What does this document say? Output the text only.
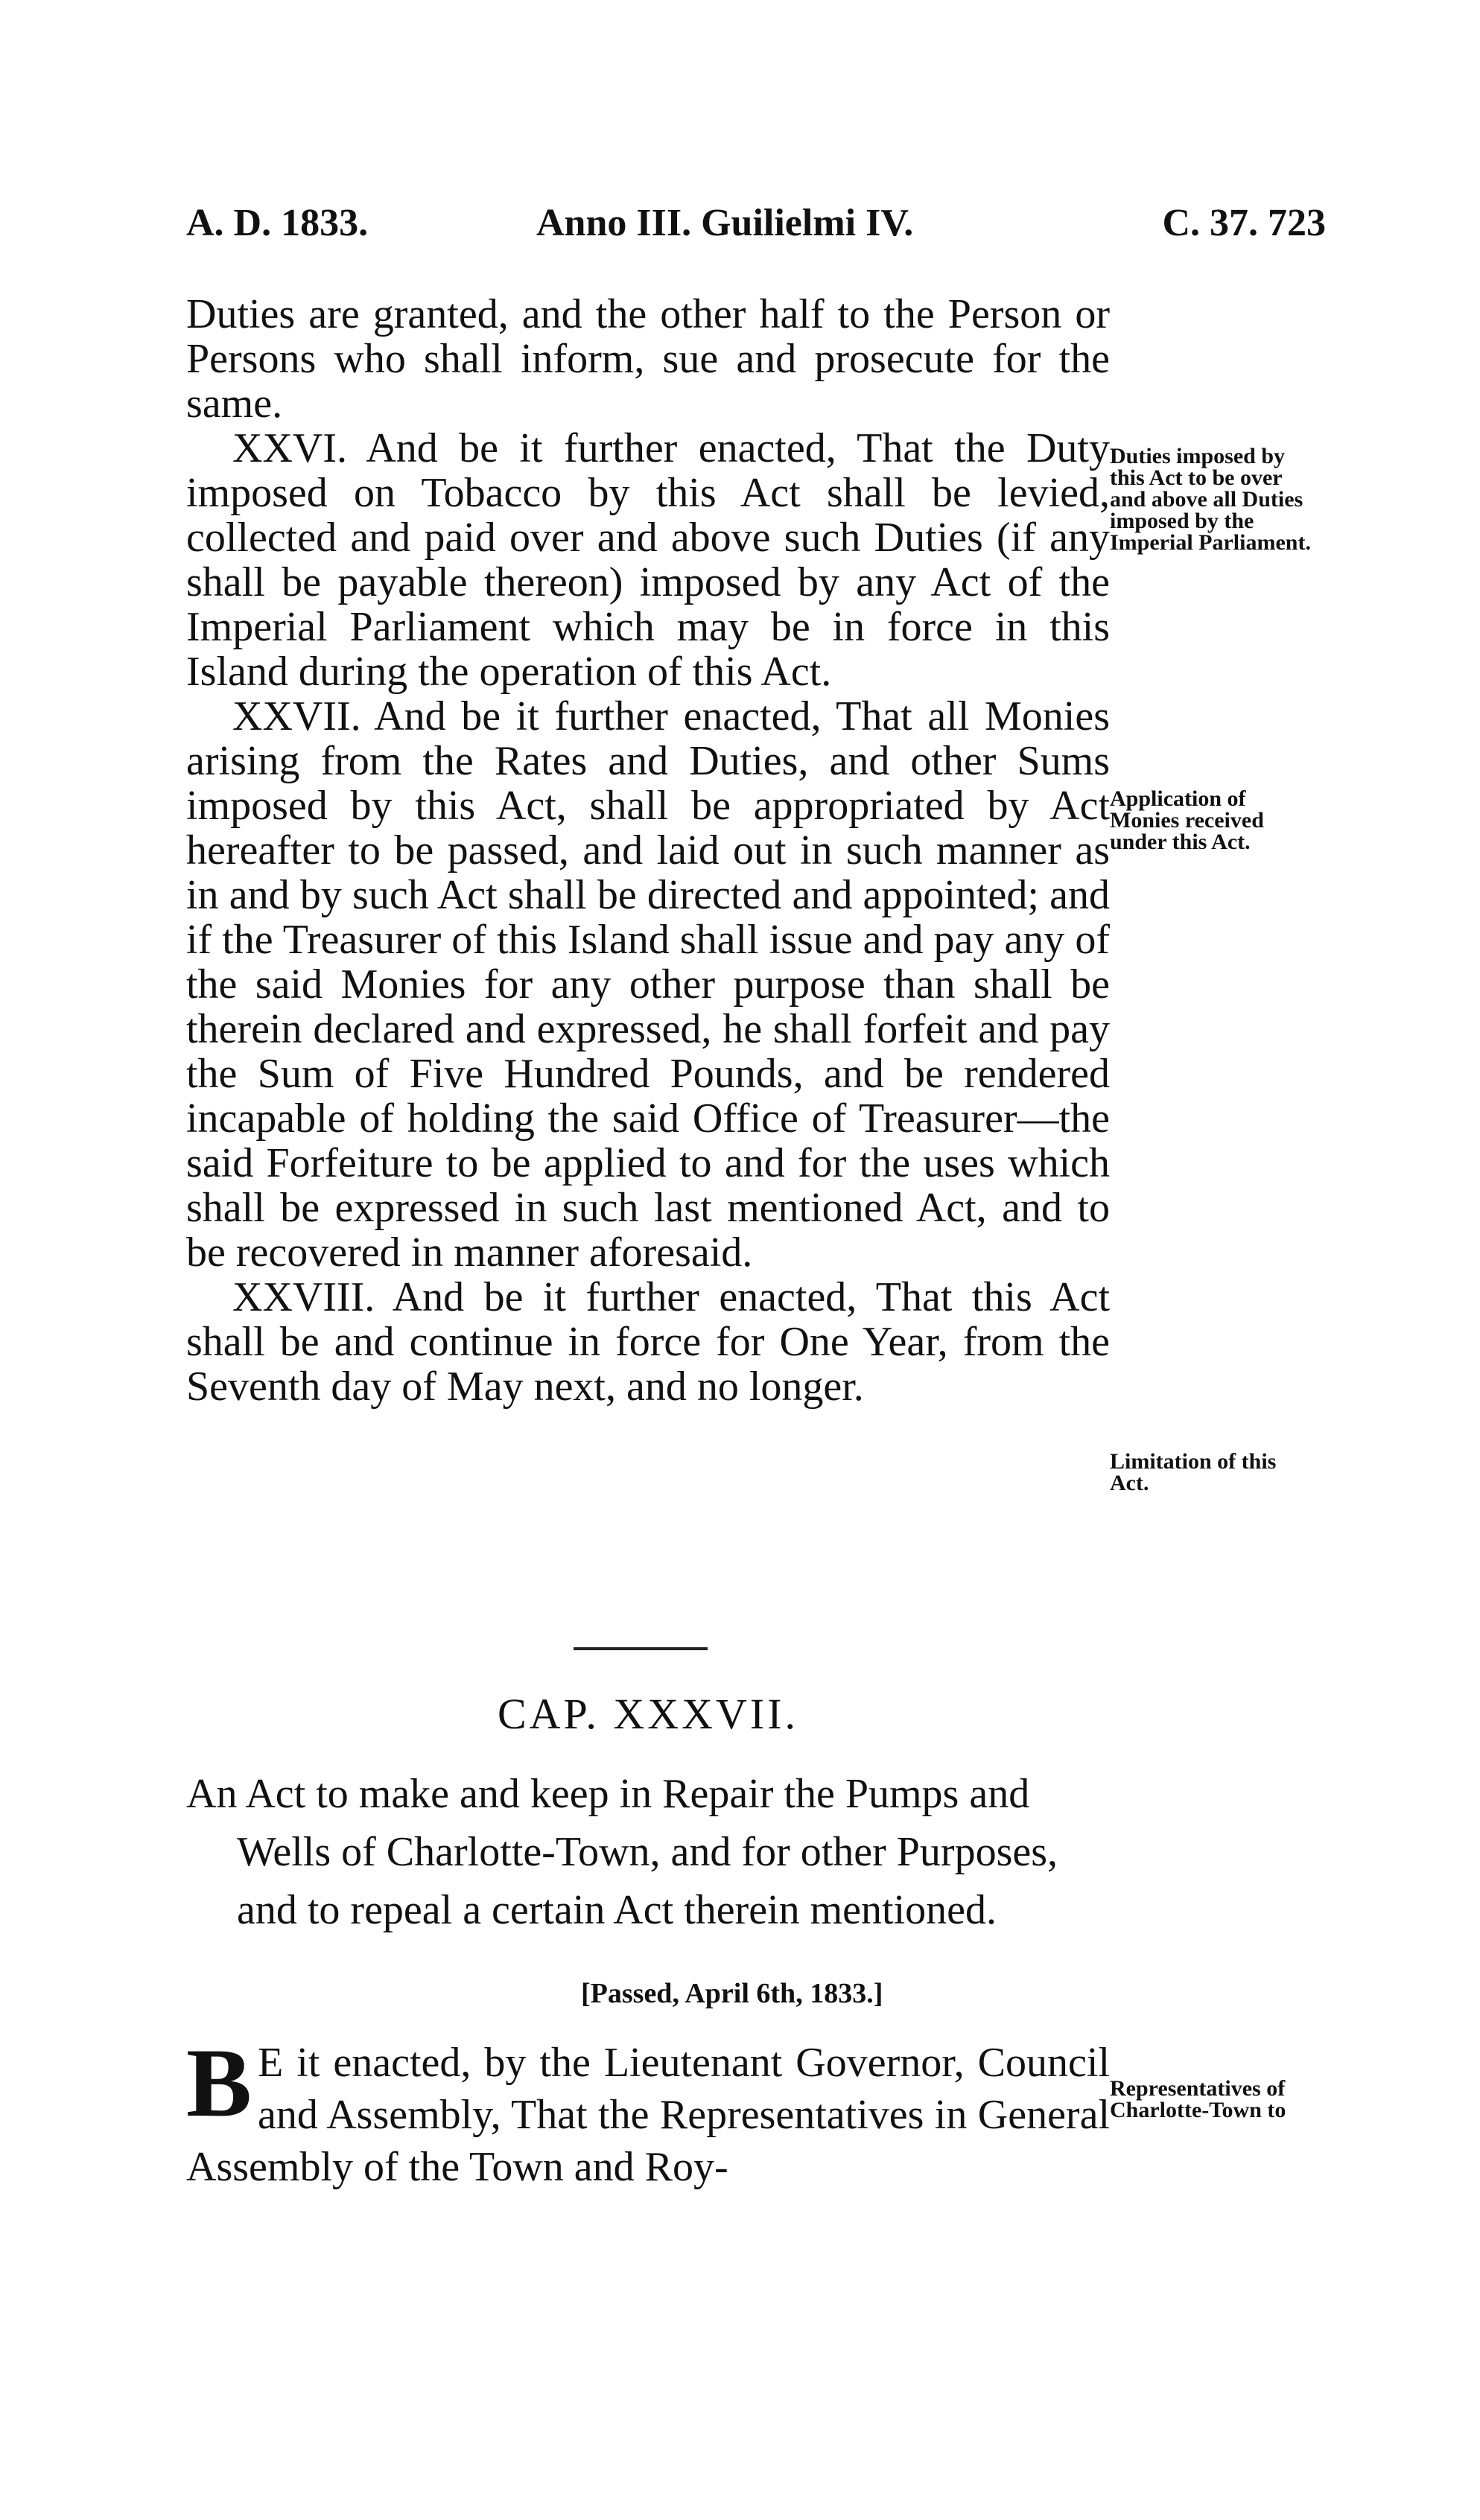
A. D. 1833.	Anno III. Guilielmi IV.	C. 37. 723

Duties are granted, and the other half to the Person or Persons who shall inform, sue and prosecute for the same.

XXVI. And be it further enacted, That the Duty imposed on Tobacco by this Act shall be levied, collected and paid over and above such Duties (if any shall be payable thereon) imposed by any Act of the Imperial Parliament which may be in force in this Island during the operation of this Act.

XXVII. And be it further enacted, That all Monies arising from the Rates and Duties, and other Sums imposed by this Act, shall be appropriated by Act hereafter to be passed, and laid out in such manner as in and by such Act shall be directed and appointed; and if the Treasurer of this Island shall issue and pay any of the said Monies for any other purpose than shall be therein declared and expressed, he shall forfeit and pay the Sum of Five Hundred Pounds, and be rendered incapable of holding the said Office of Treasurer—the said Forfeiture to be applied to and for the uses which shall be expressed in such last mentioned Act, and to be recovered in manner aforesaid.

XXVIII. And be it further enacted, That this Act shall be and continue in force for One Year, from the Seventh day of May next, and no longer.

Duties imposed by this Act to be over and above all Duties imposed by the Imperial Parliament.
Application of Monies received under this Act.
Limitation of this Act.
Representatives of Charlotte-Town to
CAP. XXXVII.

An Act to make and keep in Repair the Pumps and Wells of Charlotte-Town, and for other Purposes, and to repeal a certain Act therein mentioned.

[Passed, April 6th, 1833.]

B E it enacted, by the Lieutenant Governor, Council and Assembly, That the Representatives in General Assembly of the Town and Roy-
